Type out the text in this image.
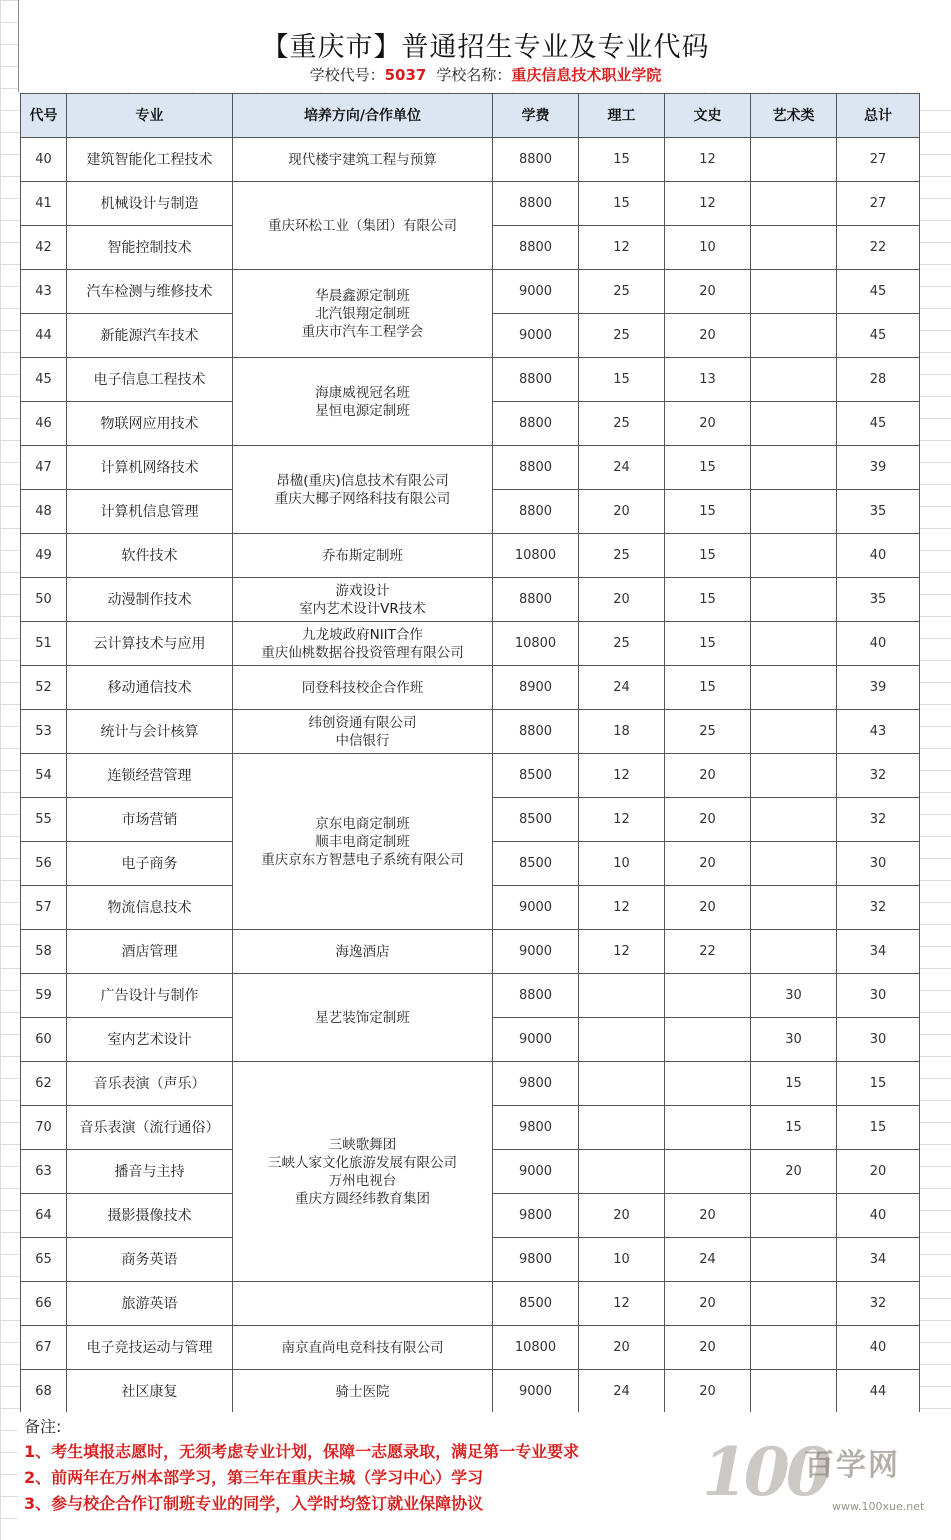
【重庆市】普通招生专业及专业代码
学校代号：5037 学校名称：重庆信息技术职业学院
代号	专业	培养方向/合作单位	学费	理工	文史	艺术类	总计
40	建筑智能化工程技术	现代楼宇建筑工程与预算	8800	15	12		27
41	机械设计与制造	重庆环松工业（集团）有限公司	8800	15	12		27
42	智能控制技术		8800	12	10		22
43	汽车检测与维修技术	华晨鑫源定制班
北汽银翔定制班
重庆市汽车工程学会	9000	25	20		45
44	新能源汽车技术		9000	25	20		45
45	电子信息工程技术	海康威视冠名班
星恒电源定制班	8800	15	13		28
46	物联网应用技术		8800	25	20		45
47	计算机网络技术	昂楹(重庆)信息技术有限公司
重庆大椰子网络科技有限公司	8800	24	15		39
48	计算机信息管理		8800	20	15		35
49	软件技术	乔布斯定制班	10800	25	15		40
50	动漫制作技术	游戏设计
室内艺术设计VR技术	8800	20	15		35
51	云计算技术与应用	九龙坡政府NIIT合作
重庆仙桃数据谷投资管理有限公司	10800	25	15		40
52	移动通信技术	同登科技校企合作班	8900	24	15		39
53	统计与会计核算	纬创资通有限公司
中信银行	8800	18	25		43
54	连锁经营管理	京东电商定制班
顺丰电商定制班
重庆京东方智慧电子系统有限公司	8500	12	20		32
55	市场营销		8500	12	20		32
56	电子商务		8500	10	20		30
57	物流信息技术		9000	12	20		32
58	酒店管理	海逸酒店	9000	12	22		34
59	广告设计与制作	星艺装饰定制班	8800			30	30
60	室内艺术设计		9000			30	30
62	音乐表演（声乐）	三峡歌舞团
三峡人家文化旅游发展有限公司
万州电视台
重庆方圆经纬教育集团	9800			15	15
70	音乐表演（流行通俗）		9800			15	15
63	播音与主持		9000			20	20
64	摄影摄像技术		9800	20	20		40
65	商务英语		9800	10	24		34
66	旅游英语		8500	12	20		32
67	电子竞技运动与管理	南京直尚电竞科技有限公司	10800	20	20		40
68	社区康复	骑士医院	9000	24	20		44
备注:
1、考生填报志愿时，无须考虑专业计划，保障一志愿录取，满足第一专业要求
2、前两年在万州本部学习，第三年在重庆主城（学习中心）学习
3、参与校企合作订制班专业的同学，入学时均签订就业保障协议	100
百学网
www.100xue.net
